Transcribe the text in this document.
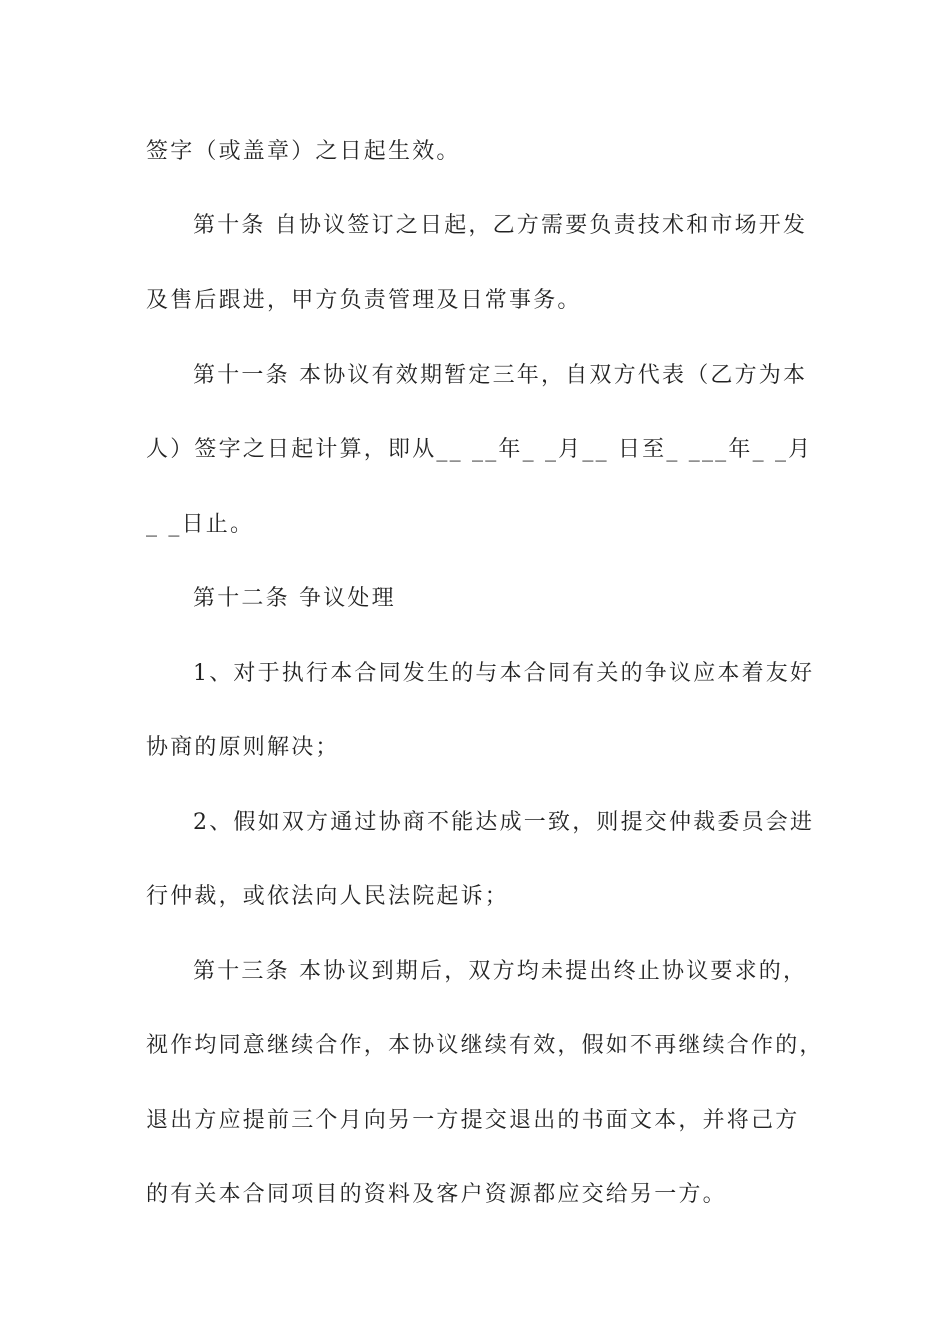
签字（或盖章）之日起生效。
第十条 自协议签订之日起，乙方需要负责技术和市场开发
及售后跟进，甲方负责管理及日常事务。
第十一条 本协议有效期暂定三年，自双方代表（乙方为本
人）签字之日起计算，即从__ __年_ _月__ 日至_ ___年_ _月
_ _日止。
第十二条 争议处理
1、对于执行本合同发生的与本合同有关的争议应本着友好
协商的原则解决；
2、假如双方通过协商不能达成一致，则提交仲裁委员会进
行仲裁，或依法向人民法院起诉；
第十三条 本协议到期后，双方均未提出终止协议要求的，
视作均同意继续合作，本协议继续有效，假如不再继续合作的，
退出方应提前三个月向另一方提交退出的书面文本，并将己方
的有关本合同项目的资料及客户资源都应交给另一方。
